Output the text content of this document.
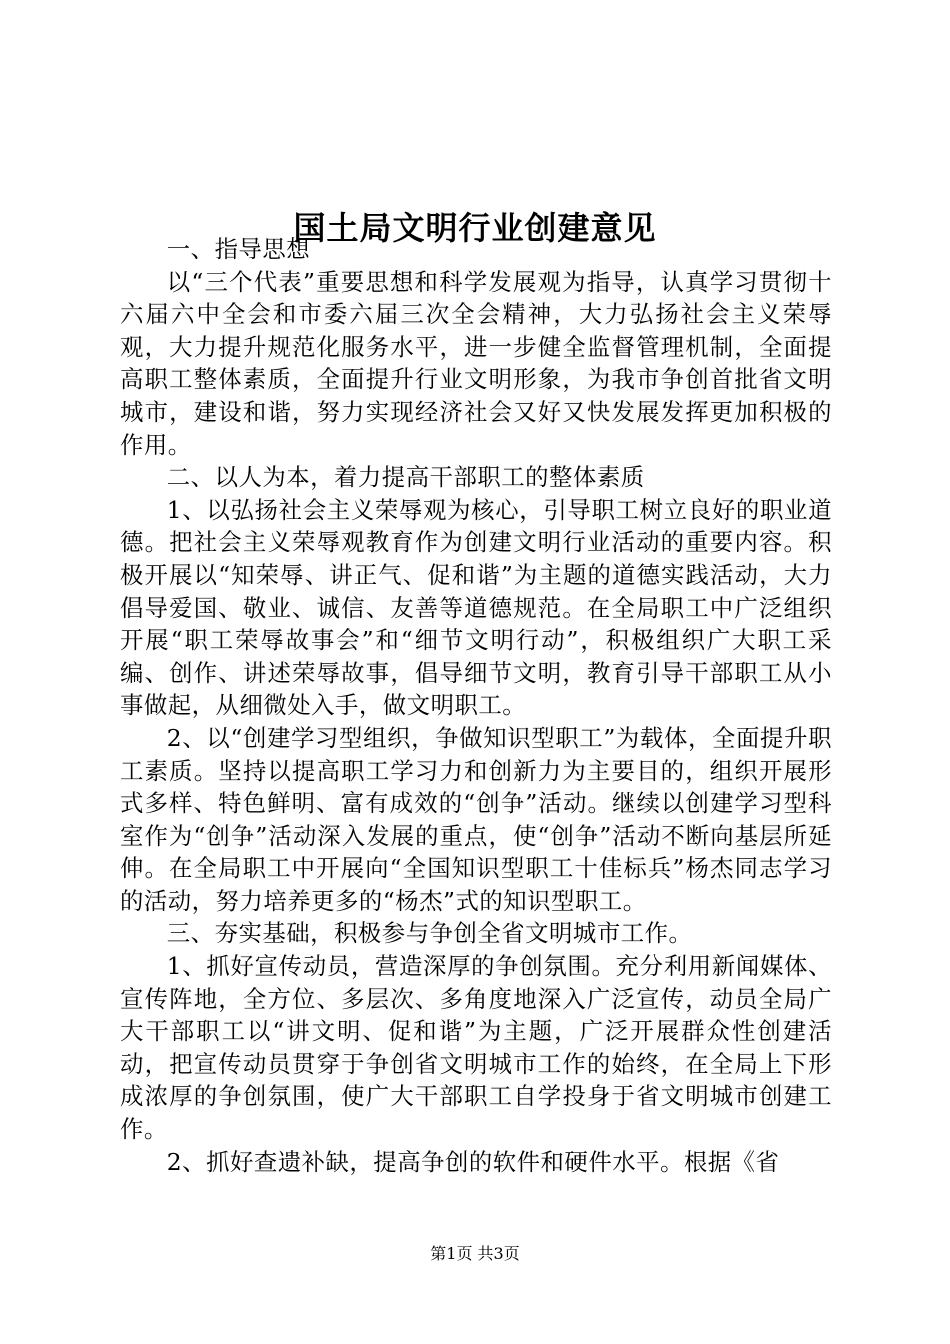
国土局文明行业创建意见

一、指导思想

以“三个代表”重要思想和科学发展观为指导，认真学习贯彻十六届六中全会和市委六届三次全会精神，大力弘扬社会主义荣辱观，大力提升规范化服务水平，进一步健全监督管理机制，全面提高职工整体素质，全面提升行业文明形象，为我市争创首批省文明城市，建设和谐，努力实现经济社会又好又快发展发挥更加积极的作用。

二、以人为本，着力提高干部职工的整体素质

1、以弘扬社会主义荣辱观为核心，引导职工树立良好的职业道德。把社会主义荣辱观教育作为创建文明行业活动的重要内容。积极开展以“知荣辱、讲正气、促和谐”为主题的道德实践活动，大力倡导爱国、敬业、诚信、友善等道德规范。在全局职工中广泛组织开展“职工荣辱故事会”和“细节文明行动”，积极组织广大职工采编、创作、讲述荣辱故事，倡导细节文明，教育引导干部职工从小事做起，从细微处入手，做文明职工。

2、以“创建学习型组织，争做知识型职工”为载体，全面提升职工素质。坚持以提高职工学习力和创新力为主要目的，组织开展形式多样、特色鲜明、富有成效的“创争”活动。继续以创建学习型科室作为“创争”活动深入发展的重点，使“创争”活动不断向基层所延伸。在全局职工中开展向“全国知识型职工十佳标兵”杨杰同志学习的活动，努力培养更多的“杨杰”式的知识型职工。

三、夯实基础，积极参与争创全省文明城市工作。

1、抓好宣传动员，营造深厚的争创氛围。充分利用新闻媒体、宣传阵地，全方位、多层次、多角度地深入广泛宣传，动员全局广大干部职工以“讲文明、促和谐”为主题，广泛开展群众性创建活动，把宣传动员贯穿于争创省文明城市工作的始终，在全局上下形成浓厚的争创氛围，使广大干部职工自学投身于省文明城市创建工作。

2、抓好查遗补缺，提高争创的软件和硬件水平。根据《省

第1页 共3页
